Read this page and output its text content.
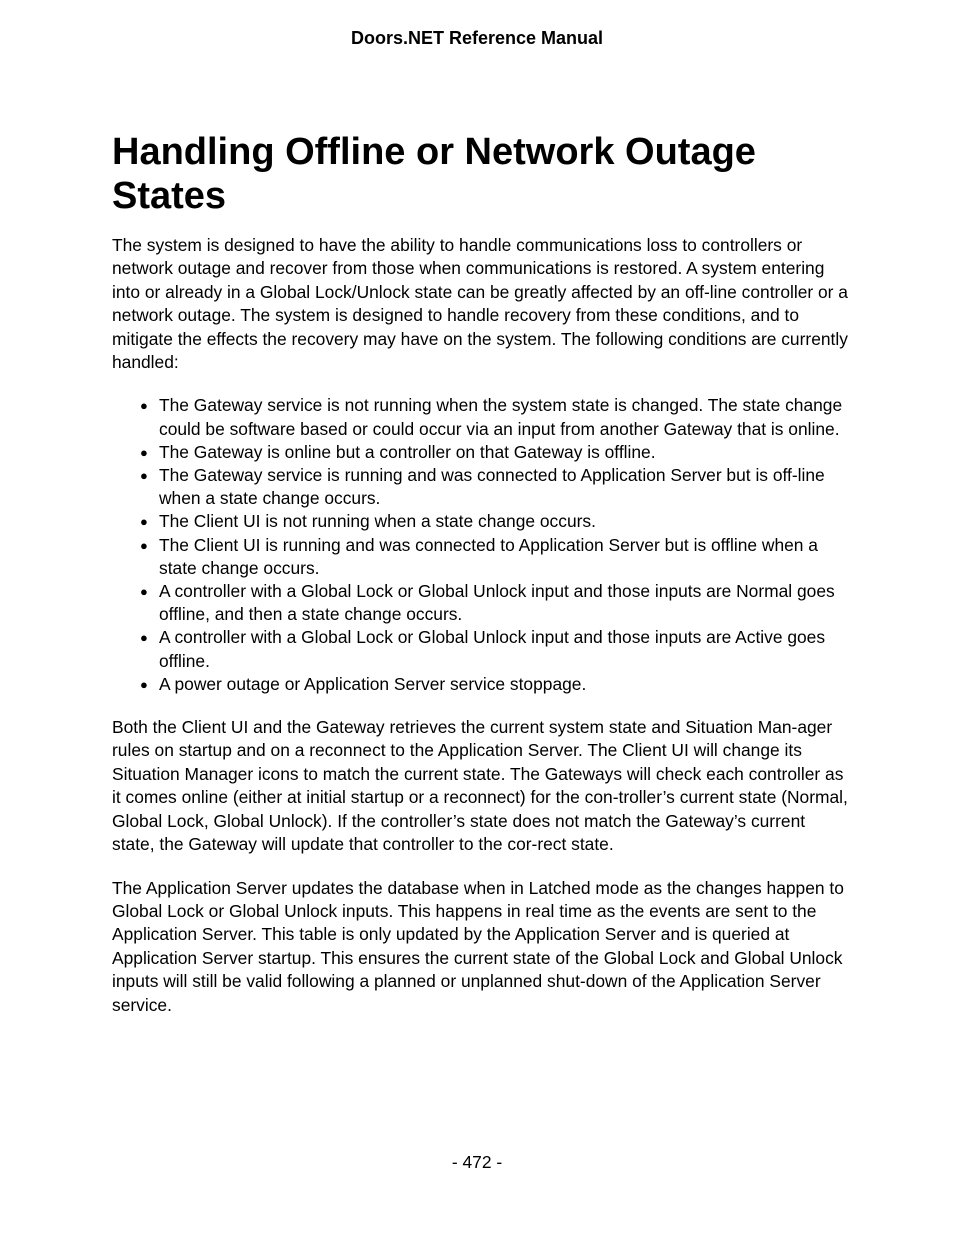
Doors.NET Reference Manual
Handling Offline or Network Outage States

The system is designed to have the ability to handle communications loss to controllers or network outage and recover from those when communications is restored. A system entering into or already in a Global Lock/Unlock state can be greatly affected by an off-line controller or a network outage. The system is designed to handle recovery from these conditions, and to mitigate the effects the recovery may have on the system. The following conditions are currently handled:

● The Gateway service is not running when the system state is changed. The state change could be software based or could occur via an input from another Gateway that is online.
● The Gateway is online but a controller on that Gateway is offline.
● The Gateway service is running and was connected to Application Server but is off-line when a state change occurs.
● The Client UI is not running when a state change occurs.
● The Client UI is running and was connected to Application Server but is offline when a state change occurs.
● A controller with a Global Lock or Global Unlock input and those inputs are Normal goes offline, and then a state change occurs.
● A controller with a Global Lock or Global Unlock input and those inputs are Active goes offline.
● A power outage or Application Server service stoppage.

Both the Client UI and the Gateway retrieves the current system state and Situation Man-ager rules on startup and on a reconnect to the Application Server. The Client UI will change its Situation Manager icons to match the current state. The Gateways will check each controller as it comes online (either at initial startup or a reconnect) for the con-troller’s current state (Normal, Global Lock, Global Unlock). If the controller’s state does not match the Gateway’s current state, the Gateway will update that controller to the cor-rect state.

The Application Server updates the database when in Latched mode as the changes happen to Global Lock or Global Unlock inputs. This happens in real time as the events are sent to the Application Server. This table is only updated by the Application Server and is queried at Application Server startup. This ensures the current state of the Global Lock and Global Unlock inputs will still be valid following a planned or unplanned shut-down of the Application Server service.

- 472 -
